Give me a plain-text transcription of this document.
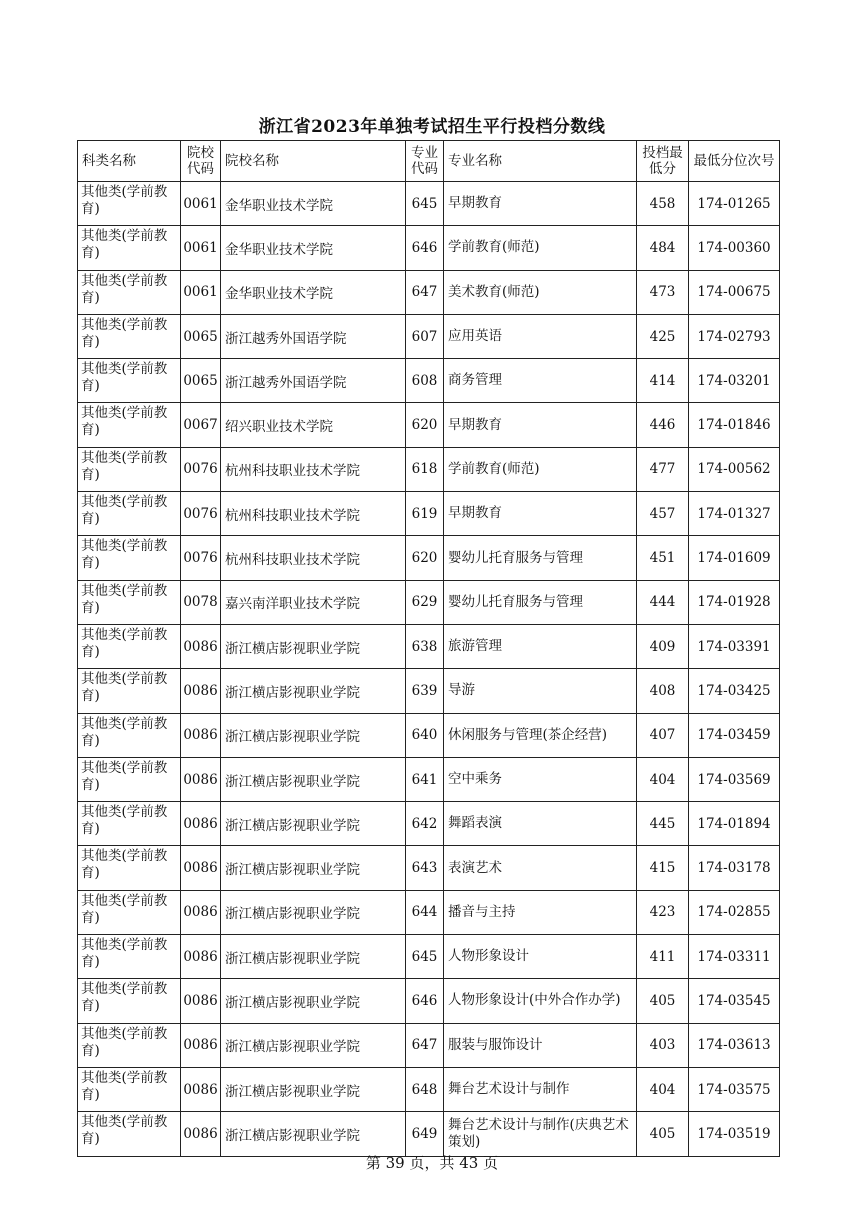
浙江省2023年单独考试招生平行投档分数线
科类名称	院校代码	院校名称	专业代码	专业名称	投档最低分	最低分位次号
其他类(学前教育)	0061	金华职业技术学院	645	早期教育	458	174-01265
其他类(学前教育)	0061	金华职业技术学院	646	学前教育(师范)	484	174-00360
其他类(学前教育)	0061	金华职业技术学院	647	美术教育(师范)	473	174-00675
其他类(学前教育)	0065	浙江越秀外国语学院	607	应用英语	425	174-02793
其他类(学前教育)	0065	浙江越秀外国语学院	608	商务管理	414	174-03201
其他类(学前教育)	0067	绍兴职业技术学院	620	早期教育	446	174-01846
其他类(学前教育)	0076	杭州科技职业技术学院	618	学前教育(师范)	477	174-00562
其他类(学前教育)	0076	杭州科技职业技术学院	619	早期教育	457	174-01327
其他类(学前教育)	0076	杭州科技职业技术学院	620	婴幼儿托育服务与管理	451	174-01609
其他类(学前教育)	0078	嘉兴南洋职业技术学院	629	婴幼儿托育服务与管理	444	174-01928
其他类(学前教育)	0086	浙江横店影视职业学院	638	旅游管理	409	174-03391
其他类(学前教育)	0086	浙江横店影视职业学院	639	导游	408	174-03425
其他类(学前教育)	0086	浙江横店影视职业学院	640	休闲服务与管理(茶企经营)	407	174-03459
其他类(学前教育)	0086	浙江横店影视职业学院	641	空中乘务	404	174-03569
其他类(学前教育)	0086	浙江横店影视职业学院	642	舞蹈表演	445	174-01894
其他类(学前教育)	0086	浙江横店影视职业学院	643	表演艺术	415	174-03178
其他类(学前教育)	0086	浙江横店影视职业学院	644	播音与主持	423	174-02855
其他类(学前教育)	0086	浙江横店影视职业学院	645	人物形象设计	411	174-03311
其他类(学前教育)	0086	浙江横店影视职业学院	646	人物形象设计(中外合作办学)	405	174-03545
其他类(学前教育)	0086	浙江横店影视职业学院	647	服装与服饰设计	403	174-03613
其他类(学前教育)	0086	浙江横店影视职业学院	648	舞台艺术设计与制作	404	174-03575
其他类(学前教育)	0086	浙江横店影视职业学院	649	舞台艺术设计与制作(庆典艺术策划)	405	174-03519
第 39 页，共 43 页
